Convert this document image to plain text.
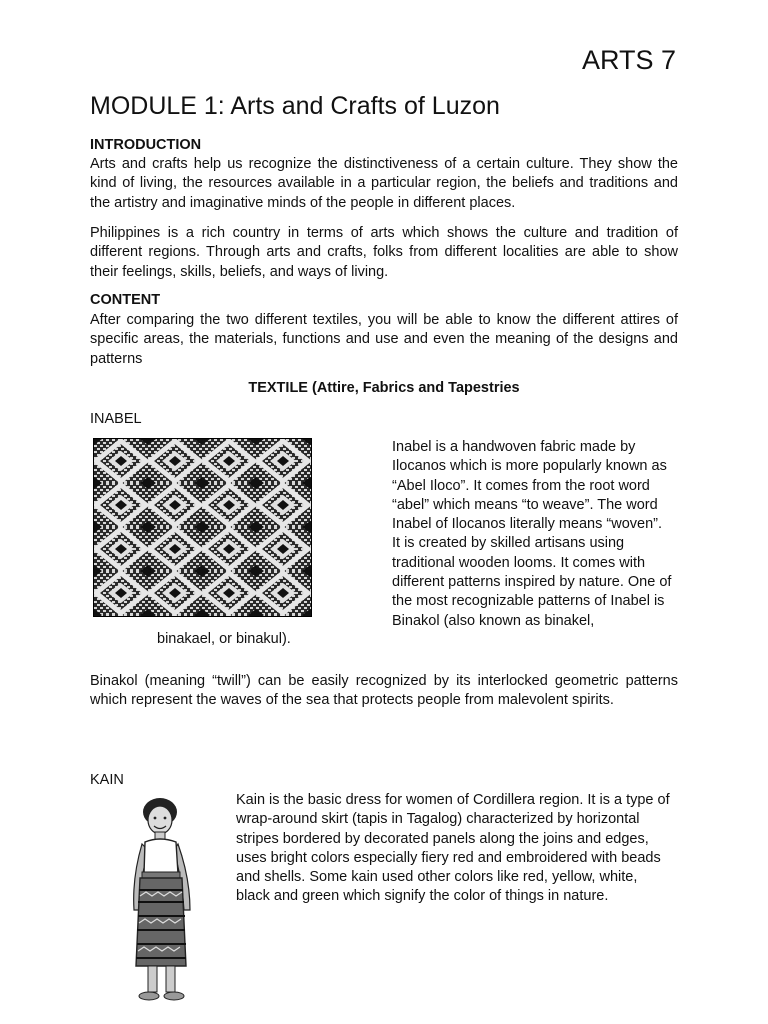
ARTS 7
MODULE 1: Arts and Crafts of Luzon
INTRODUCTION
Arts and crafts help us recognize the distinctiveness of a certain culture. They show the kind of living, the resources available in a particular region, the beliefs and traditions and the artistry and imaginative minds of the people in different places.
Philippines is a rich country in terms of arts which shows the culture and tradition of different regions. Through arts and crafts, folks from different localities are able to show their feelings, skills, beliefs, and ways of living.
CONTENT
After comparing the two different textiles, you will be able to know the different attires of specific areas, the materials, functions and use and even the meaning of the designs and patterns
TEXTILE (Attire, Fabrics and Tapestries
INABEL
Inabel is a handwoven fabric made by Ilocanos which is more popularly known as “Abel Iloco”. It comes from the root word “abel” which means “to weave”. The word Inabel of Ilocanos literally means “woven”. It is created by skilled artisans using traditional wooden looms. It comes with different patterns inspired by nature. One of the most recognizable patterns of Inabel is Binakol (also known as binakel,
binakael, or binakul).
Binakol (meaning “twill”) can be easily recognized by its interlocked geometric patterns which represent the waves of the sea that protects people from malevolent spirits.
KAIN
Kain is the basic dress for women of Cordillera region. It is a type of wrap-around skirt (tapis in Tagalog) characterized by horizontal stripes bordered by decorated panels along the joins and edges, uses bright colors especially fiery red and embroidered with beads and shells. Some kain used other colors like red, yellow, white, black and green which signify the color of things in nature.
